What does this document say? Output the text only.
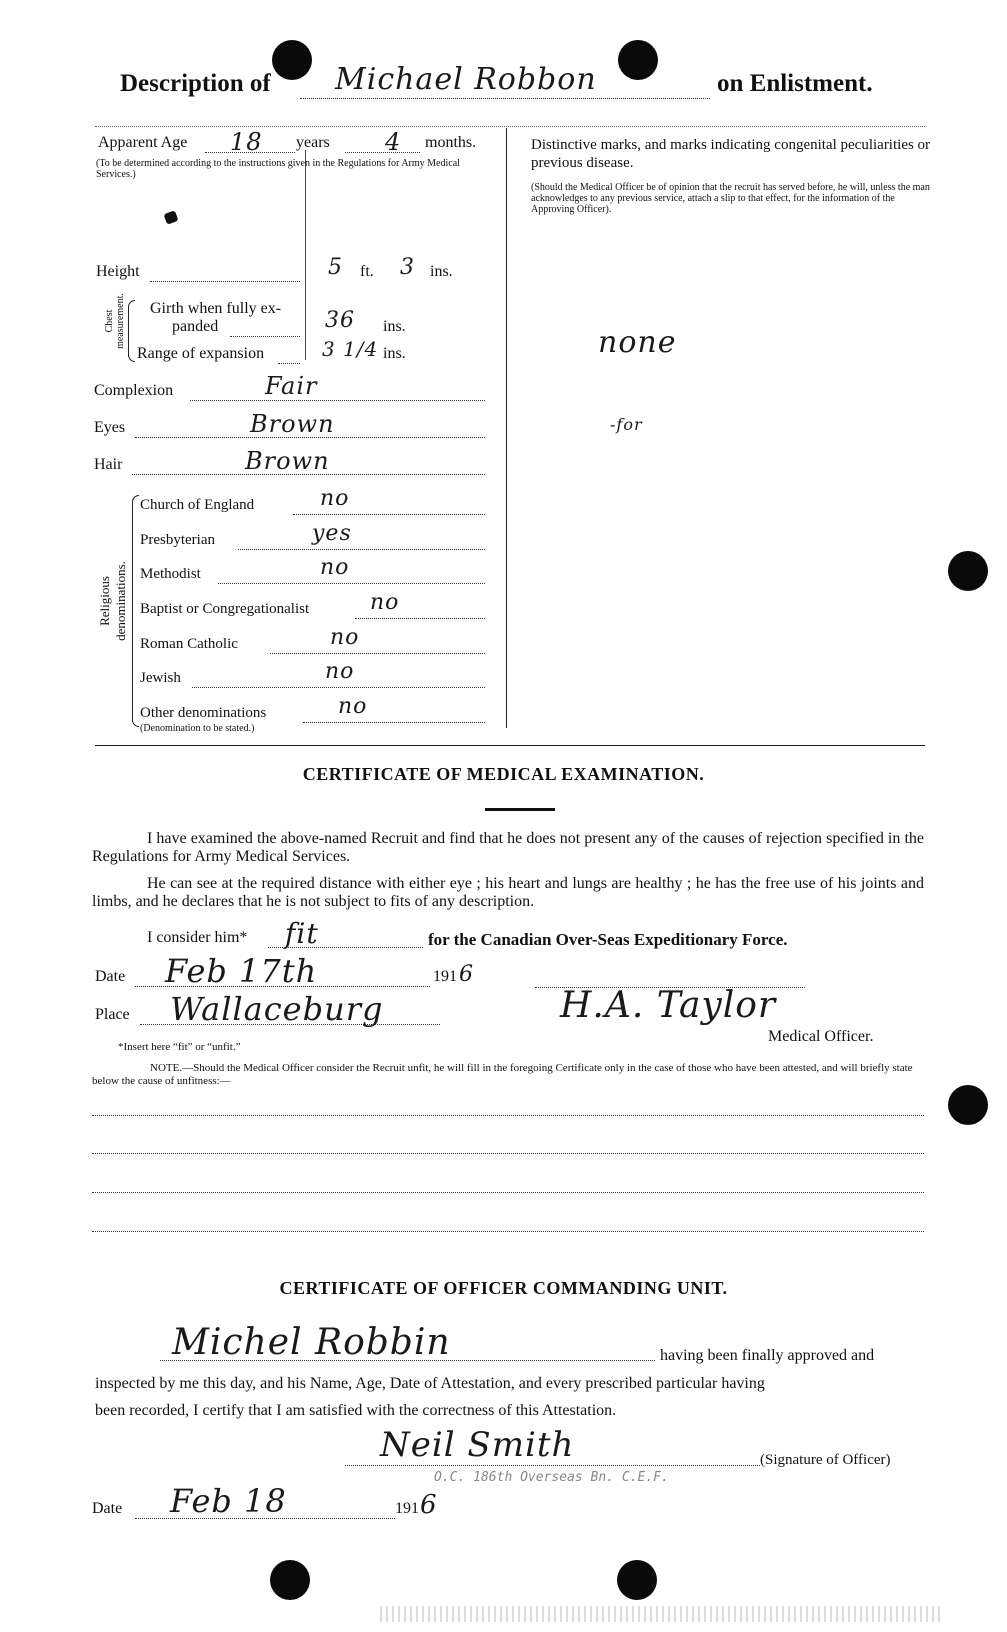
Description of Michael Robbon	on Enlistment.
Apparent Age 18 years 4 months.
(To be determined according to the instructions given in the Regulations for Army Medical Services.)
Height	5 ft. 3 ins.
Chest measurement. Girth when fully ex-
panded	36 ins.
Range of expansion	3 1/4 ins.
Complexion	Fair
Eyes	Brown
Hair	Brown
Religious
denominations.
Church of England	no
Presbyterian	yes
Methodist	no
Baptist or Congregationalist	no
Roman Catholic	no
Jewish	no
Other denominations	no
(Denomination to be stated.)
Distinctive marks, and marks indicating congenital peculiarities or previous disease.
(Should the Medical Officer be of opinion that the recruit has served before, he will, unless the man acknowledges to any previous service, attach a slip to that effect, for the information of the Approving Officer).
none
-for
CERTIFICATE OF MEDICAL EXAMINATION.
I have examined the above-named Recruit and find that he does not present any of the causes of rejection specified in the Regulations for Army Medical Services.
He can see at the required distance with either eye ; his heart and lungs are healthy ; he has the free use of his joints and limbs, and he declares that he is not subject to fits of any description.
I consider him* fit	for the Canadian Over-Seas Expeditionary Force.
Date Feb 17th	191 6
Place Wallaceburg	H.A. Taylor
Medical Officer.
*Insert here “fit” or “unfit.”
NOTE.—Should the Medical Officer consider the Recruit unfit, he will fill in the foregoing Certificate only in the case of those who have been attested, and will briefly state below the cause of unfitness:—
CERTIFICATE OF OFFICER COMMANDING UNIT.
Michel Robbin	having been finally approved and
inspected by me this day, and his Name, Age, Date of Attestation, and every prescribed particular having
been recorded, I certify that I am satisfied with the correctness of this Attestation.
Neil Smith	(Signature of Officer)
O.C. 186th Overseas Bn. C.E.F.
Date Feb 18	191 6
